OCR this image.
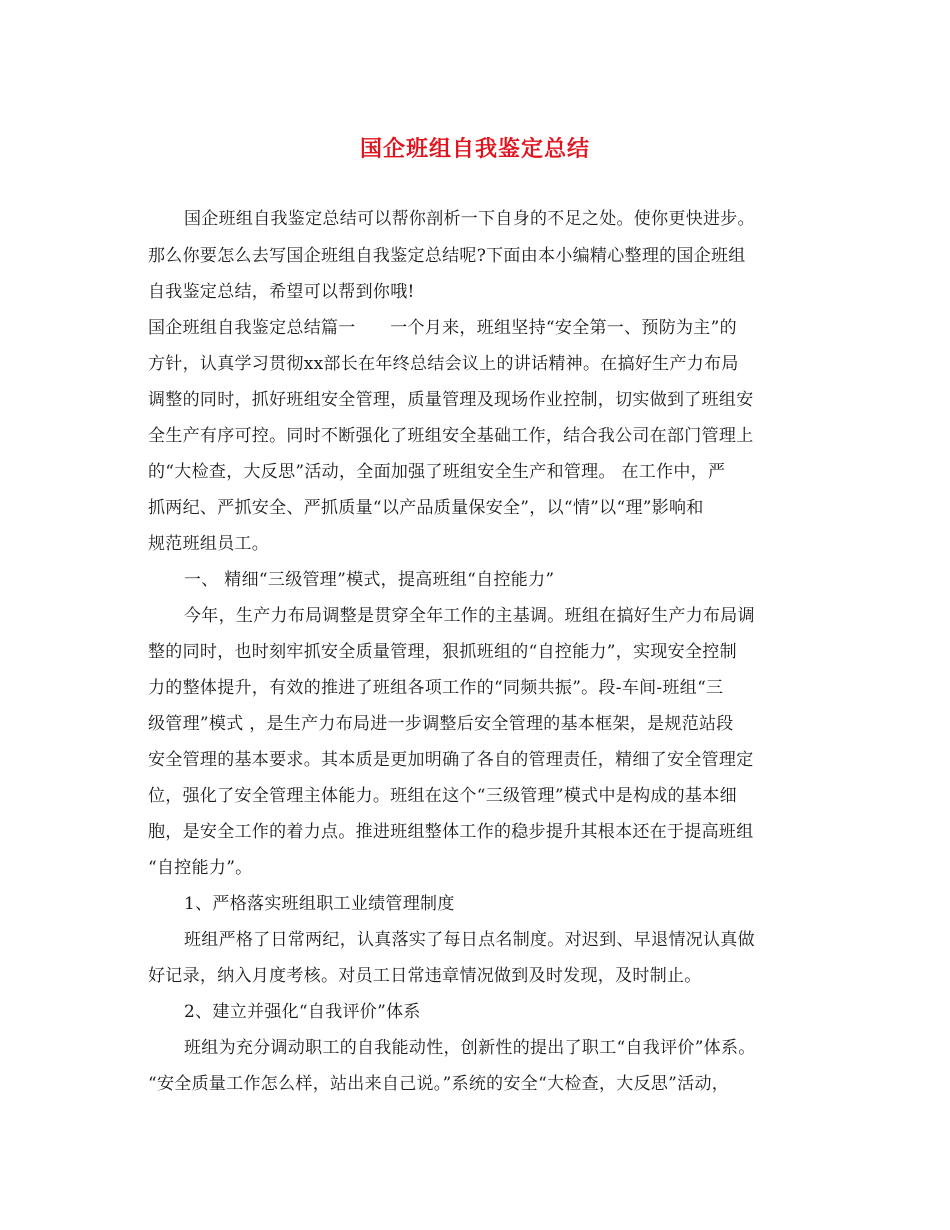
国企班组自我鉴定总结
国企班组自我鉴定总结可以帮你剖析一下自身的不足之处。使你更快进步。
那么你要怎么去写国企班组自我鉴定总结呢?下面由本小编精心整理的国企班组
自我鉴定总结，希望可以帮到你哦!
国企班组自我鉴定总结篇一　　一个月来，班组坚持“安全第一、预防为主”的
方针，认真学习贯彻xx部长在年终总结会议上的讲话精神。在搞好生产力布局
调整的同时，抓好班组安全管理，质量管理及现场作业控制，切实做到了班组安
全生产有序可控。同时不断强化了班组安全基础工作，结合我公司在部门管理上
的“大检查，大反思”活动，全面加强了班组安全生产和管理。 在工作中，严
抓两纪、严抓安全、严抓质量“以产品质量保安全”，以“情”以“理”影响和
规范班组员工。
一、 精细“三级管理”模式，提高班组“自控能力”
今年，生产力布局调整是贯穿全年工作的主基调。班组在搞好生产力布局调
整的同时，也时刻牢抓安全质量管理，狠抓班组的“自控能力”，实现安全控制
力的整体提升，有效的推进了班组各项工作的“同频共振”。段-车间-班组“三
级管理”模式 ，是生产力布局进一步调整后安全管理的基本框架，是规范站段
安全管理的基本要求。其本质是更加明确了各自的管理责任，精细了安全管理定
位，强化了安全管理主体能力。班组在这个“三级管理”模式中是构成的基本细
胞，是安全工作的着力点。推进班组整体工作的稳步提升其根本还在于提高班组
“自控能力”。
1、严格落实班组职工业绩管理制度
班组严格了日常两纪，认真落实了每日点名制度。对迟到、早退情况认真做
好记录，纳入月度考核。对员工日常违章情况做到及时发现，及时制止。
2、建立并强化“自我评价”体系
班组为充分调动职工的自我能动性，创新性的提出了职工“自我评价”体系。
“安全质量工作怎么样，站出来自己说。”系统的安全“大检查，大反思”活动，
